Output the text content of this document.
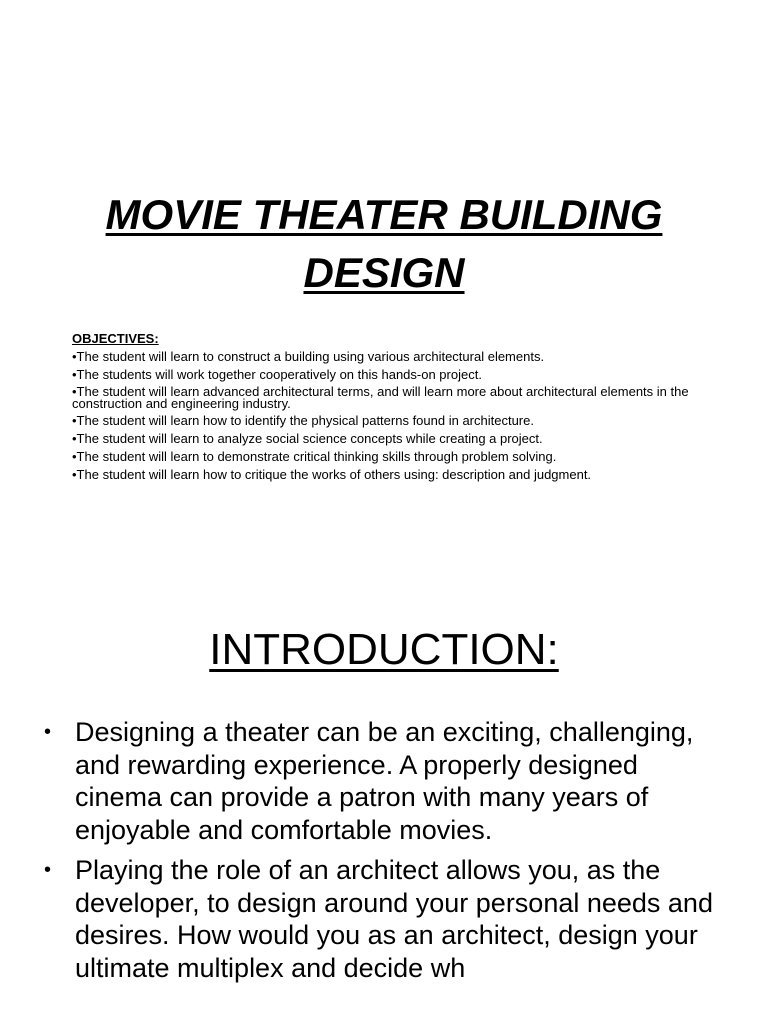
MOVIE THEATER BUILDING
DESIGN
OBJECTIVES:
•The student will learn to construct a building using various architectural elements.
•The students will work together cooperatively on this hands-on project.
•The student will learn advanced architectural terms, and will learn more about architectural elements in the construction and engineering industry.
•The student will learn how to identify the physical patterns found in architecture.
•The student will learn to analyze social science concepts while creating a project.
•The student will learn to demonstrate critical thinking skills through problem solving.
•The student will learn how to critique the works of others using: description and judgment.
INTRODUCTION:
• Designing a theater can be an exciting, challenging, and rewarding experience. A properly designed cinema can provide a patron with many years of enjoyable and comfortable movies.
• Playing the role of an architect allows you, as the developer, to design around your personal needs and desires. How would you as an architect, design your ultimate multiplex and decide wh
